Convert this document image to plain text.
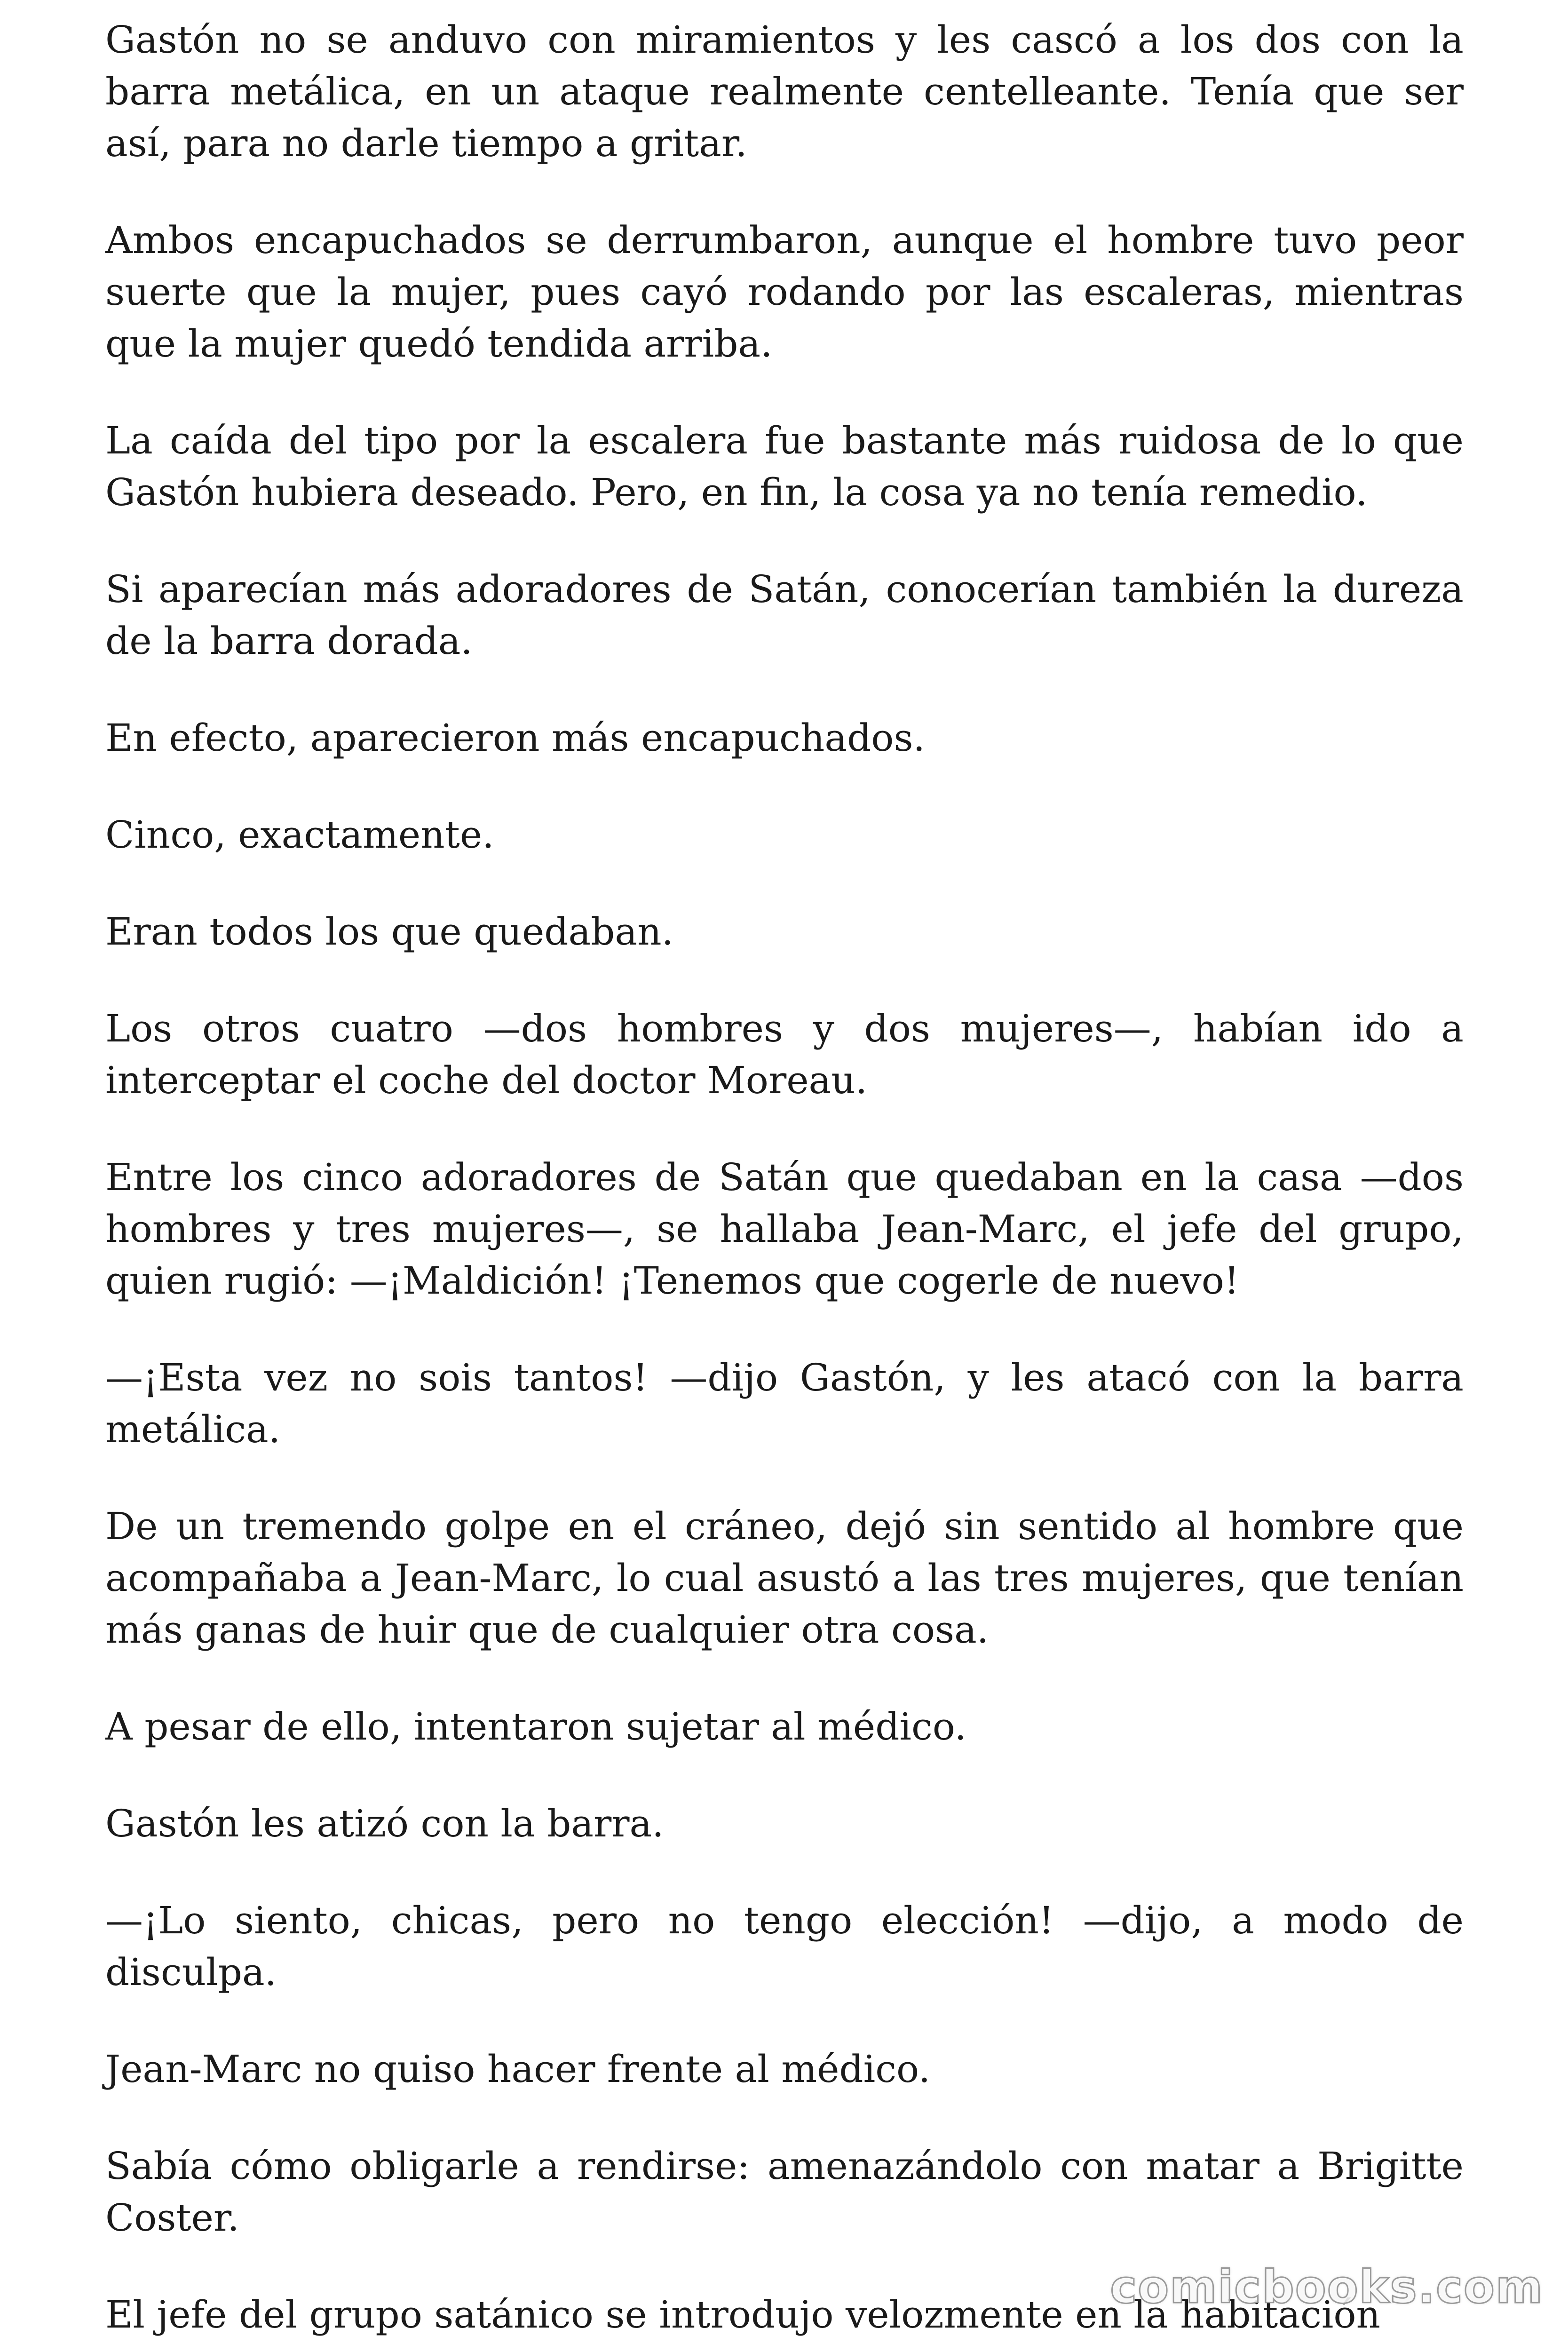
Gastón no se anduvo con miramientos y les cascó a los dos con la barra metálica, en un ataque realmente centelleante. Tenía que ser así, para no darle tiempo a gritar.

Ambos encapuchados se derrumbaron, aunque el hombre tuvo peor suerte que la mujer, pues cayó rodando por las escaleras, mientras que la mujer quedó tendida arriba.

La caída del tipo por la escalera fue bastante más ruidosa de lo que Gastón hubiera deseado. Pero, en fin, la cosa ya no tenía remedio.

Si aparecían más adoradores de Satán, conocerían también la dureza de la barra dorada.

En efecto, aparecieron más encapuchados.

Cinco, exactamente.

Eran todos los que quedaban.

Los otros cuatro —dos hombres y dos mujeres—, habían ido a interceptar el coche del doctor Moreau.

Entre los cinco adoradores de Satán que quedaban en la casa —dos hombres y tres mujeres—, se hallaba Jean-Marc, el jefe del grupo, quien rugió: —¡Maldición! ¡Tenemos que cogerle de nuevo!

—¡Esta vez no sois tantos! —dijo Gastón, y les atacó con la barra metálica.

De un tremendo golpe en el cráneo, dejó sin sentido al hombre que acompañaba a Jean-Marc, lo cual asustó a las tres mujeres, que tenían más ganas de huir que de cualquier otra cosa.

A pesar de ello, intentaron sujetar al médico.

Gastón les atizó con la barra.

—¡Lo siento, chicas, pero no tengo elección! —dijo, a modo de disculpa.

Jean-Marc no quiso hacer frente al médico.

Sabía cómo obligarle a rendirse: amenazándolo con matar a Brigitte Coster.

El jefe del grupo satánico se introdujo velozmente en la habitación

comicbooks.com
